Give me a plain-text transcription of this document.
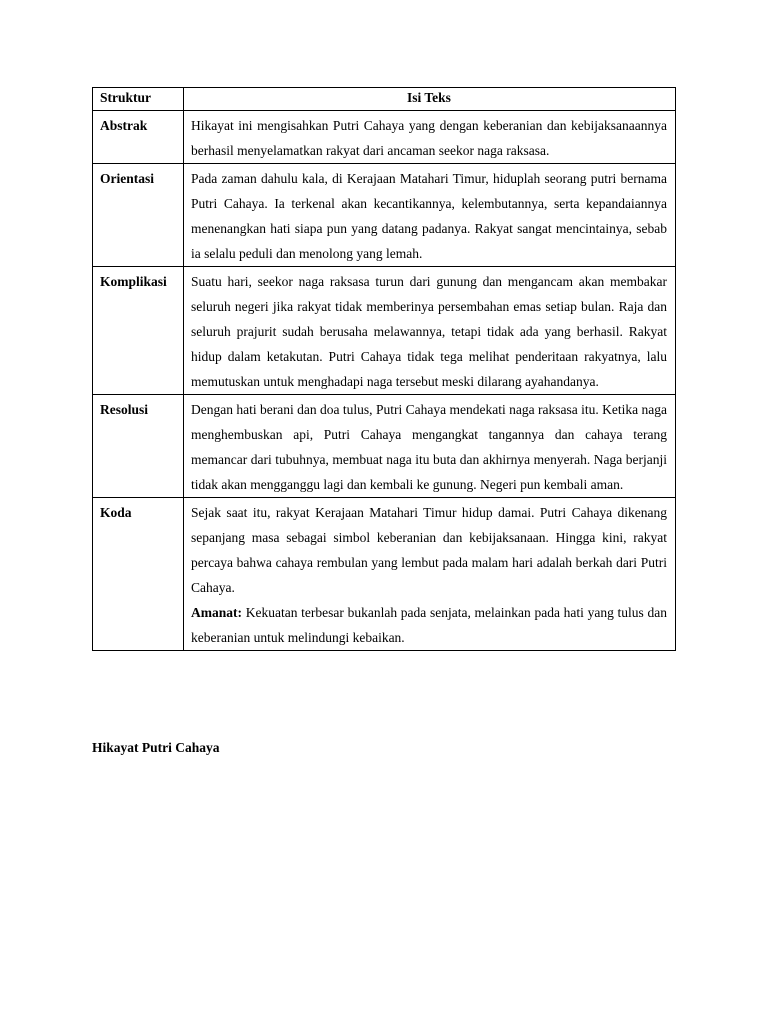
Struktur	Isi Teks
Abstrak	Hikayat ini mengisahkan Putri Cahaya yang dengan keberanian dan kebijaksanaannya berhasil menyelamatkan rakyat dari ancaman seekor naga raksasa.
Orientasi	Pada zaman dahulu kala, di Kerajaan Matahari Timur, hiduplah seorang putri bernama Putri Cahaya. Ia terkenal akan kecantikannya, kelembutannya, serta kepandaiannya menenangkan hati siapa pun yang datang padanya. Rakyat sangat mencintainya, sebab ia selalu peduli dan menolong yang lemah.
Komplikasi	Suatu hari, seekor naga raksasa turun dari gunung dan mengancam akan membakar seluruh negeri jika rakyat tidak memberinya persembahan emas setiap bulan. Raja dan seluruh prajurit sudah berusaha melawannya, tetapi tidak ada yang berhasil. Rakyat hidup dalam ketakutan. Putri Cahaya tidak tega melihat penderitaan rakyatnya, lalu memutuskan untuk menghadapi naga tersebut meski dilarang ayahandanya.
Resolusi	Dengan hati berani dan doa tulus, Putri Cahaya mendekati naga raksasa itu. Ketika naga menghembuskan api, Putri Cahaya mengangkat tangannya dan cahaya terang memancar dari tubuhnya, membuat naga itu buta dan akhirnya menyerah. Naga berjanji tidak akan mengganggu lagi dan kembali ke gunung. Negeri pun kembali aman.
Koda	Sejak saat itu, rakyat Kerajaan Matahari Timur hidup damai. Putri Cahaya dikenang sepanjang masa sebagai simbol keberanian dan kebijaksanaan. Hingga kini, rakyat percaya bahwa cahaya rembulan yang lembut pada malam hari adalah berkah dari Putri Cahaya.

Amanat: Kekuatan terbesar bukanlah pada senjata, melainkan pada hati yang tulus dan keberanian untuk melindungi kebaikan.

Hikayat Putri Cahaya
